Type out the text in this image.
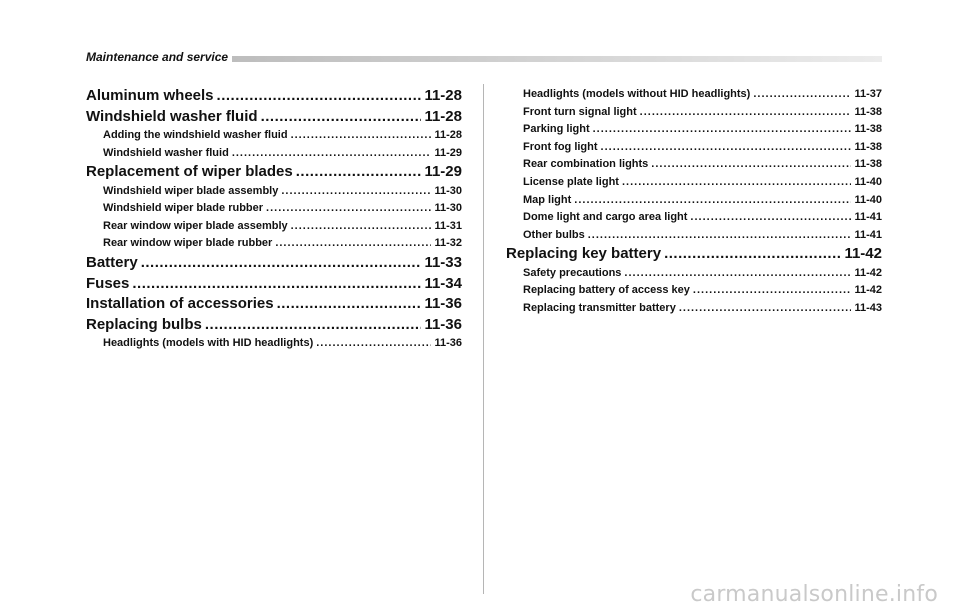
Maintenance and service
Aluminum wheels .....	11-28
Windshield washer fluid .....	11-28
Adding the windshield washer fluid .....	11-28
Windshield washer fluid .....	11-29
Replacement of wiper blades .....	11-29
Windshield wiper blade assembly .....	11-30
Windshield wiper blade rubber .....	11-30
Rear window wiper blade assembly .....	11-31
Rear window wiper blade rubber .....	11-32
Battery .....	11-33
Fuses .....	11-34
Installation of accessories .....	11-36
Replacing bulbs .....	11-36
Headlights (models with HID headlights) .....	11-36
Headlights (models without HID headlights) .....	11-37
Front turn signal light .....	11-38
Parking light .....	11-38
Front fog light .....	11-38
Rear combination lights .....	11-38
License plate light .....	11-40
Map light .....	11-40
Dome light and cargo area light .....	11-41
Other bulbs .....	11-41
Replacing key battery .....	11-42
Safety precautions .....	11-42
Replacing battery of access key .....	11-42
Replacing transmitter battery .....	11-43
carmanualsonline.info
